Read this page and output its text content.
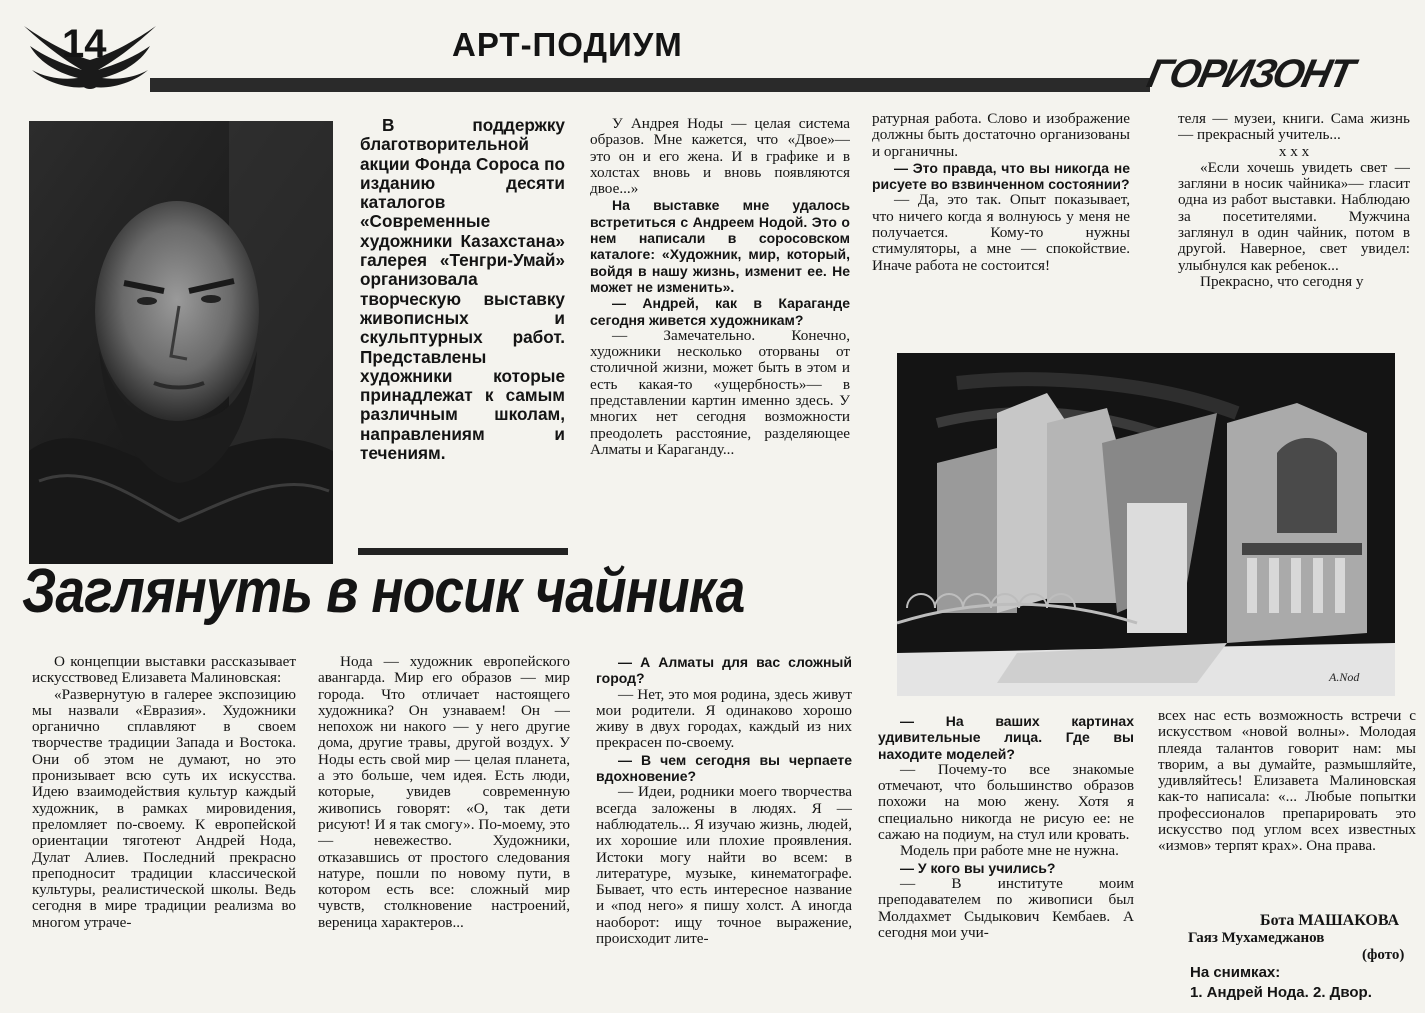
14	АРТ-ПОДИУМ
ГОРИЗОНТ

В поддержку благотворительной акции Фонда Сороса по изданию десяти каталогов «Современные художники Казахстана» галерея «Тенгри-Умай» организовала творческую выставку живописных и скульптурных работ. Представлены художники которые принадлежат к самым различным школам, направлениям и течениям.

Заглянуть в носик чайника
A.Nod

У Андрея Ноды — целая система образов. Мне кажется, что «Двое»— это он и его жена. И в графике и в холстах вновь и вновь появляются двое...»

На выставке мне удалось встретиться с Андреем Нодой. Это о нем написали в соросовском каталоге: «Художник, мир, который, войдя в нашу жизнь, изменит ее. Не может не изменить».

— Андрей, как в Караганде сегодня живется художникам?

— Замечательно. Конечно, художники несколько оторваны от столичной жизни, может быть в этом и есть какая-то «ущербность»— в представлении картин именно здесь. У многих нет сегодня возможности преодолеть расстояние, разделяющее Алматы и Караганду...

ратурная работа. Слово и изображение должны быть достаточно организованы и органичны.

— Это правда, что вы никогда не рисуете во взвинченном состоянии?

— Да, это так. Опыт показывает, что ничего когда я волнуюсь у меня не получается. Кому-то нужны стимуляторы, а мне — спокойствие. Иначе работа не состоится!

теля — музеи, книги. Сама жизнь — прекрасный учитель...

х х х

«Если хочешь увидеть свет — загляни в носик чайника»— гласит одна из работ выставки. Наблюдаю за посетителями. Мужчина заглянул в один чайник, потом в другой. Наверное, свет увидел: улыбнулся как ребенок...

Прекрасно, что сегодня у

О концепции выставки рассказывает искусствовед Елизавета Малиновская:

«Развернутую в галерее экспозицию мы назвали «Евразия». Художники органично сплавляют в своем творчестве традиции Запада и Востока. Они об этом не думают, но это пронизывает всю суть их искусства. Идею взаимодействия культур каждый художник, в рамках мировидения, преломляет по-своему. К европейской ориентации тяготеют Андрей Нода, Дулат Алиев. Последний прекрасно преподносит традиции классической культуры, реалистической школы. Ведь сегодня в мире традиции реализма во многом утраче-

Нода — художник европейского авангарда. Мир его образов — мир города. Что отличает настоящего художника? Он узнаваем! Он — непохож ни накого — у него другие дома, другие травы, другой воздух. У Ноды есть свой мир — целая планета, а это больше, чем идея. Есть люди, которые, увидев современную живопись говорят: «О, так дети рисуют! И я так смогу». По-моему, это — невежество. Художники, отказавшись от простого следования натуре, пошли по новому пути, в котором есть все: сложный мир чувств, столкновение настроений, вереница характеров...

— А Алматы для вас сложный город?

— Нет, это моя родина, здесь живут мои родители. Я одинаково хорошо живу в двух городах, каждый из них прекрасен по-своему.

— В чем сегодня вы черпаете вдохновение?

— Идеи, родники моего творчества всегда заложены в людях. Я — наблюдатель... Я изучаю жизнь, людей, их хорошие или плохие проявления. Истоки могу найти во всем: в литературе, музыке, кинематографе. Бывает, что есть интересное название и «под него» я пишу холст. А иногда наоборот: ищу точное выражение, происходит лите-

— На ваших картинах удивительные лица. Где вы находите моделей?

— Почему-то все знакомые отмечают, что большинство образов похожи на мою жену. Хотя я специально никогда не рисую ее: не сажаю на подиум, на стул или кровать.

Модель при работе мне не нужна.

— У кого вы учились?

— В институте моим преподавателем по живописи был Молдахмет Сыдыкович Кембаев. А сегодня мои учи-

всех нас есть возможность встречи с искусством «новой волны». Молодая плеяда талантов говорит нам: мы творим, а вы думайте, размышляйте, удивляйтесь! Елизавета Малиновская как-то написала: «... Любые попытки профессионалов препарировать это искусство под углом всех известных «измов» терпят крах». Она права.

Бота МАШАКОВА
Гаяз Мухамеджанов
(фото)
На снимках:
1. Андрей Нода. 2. Двор.
